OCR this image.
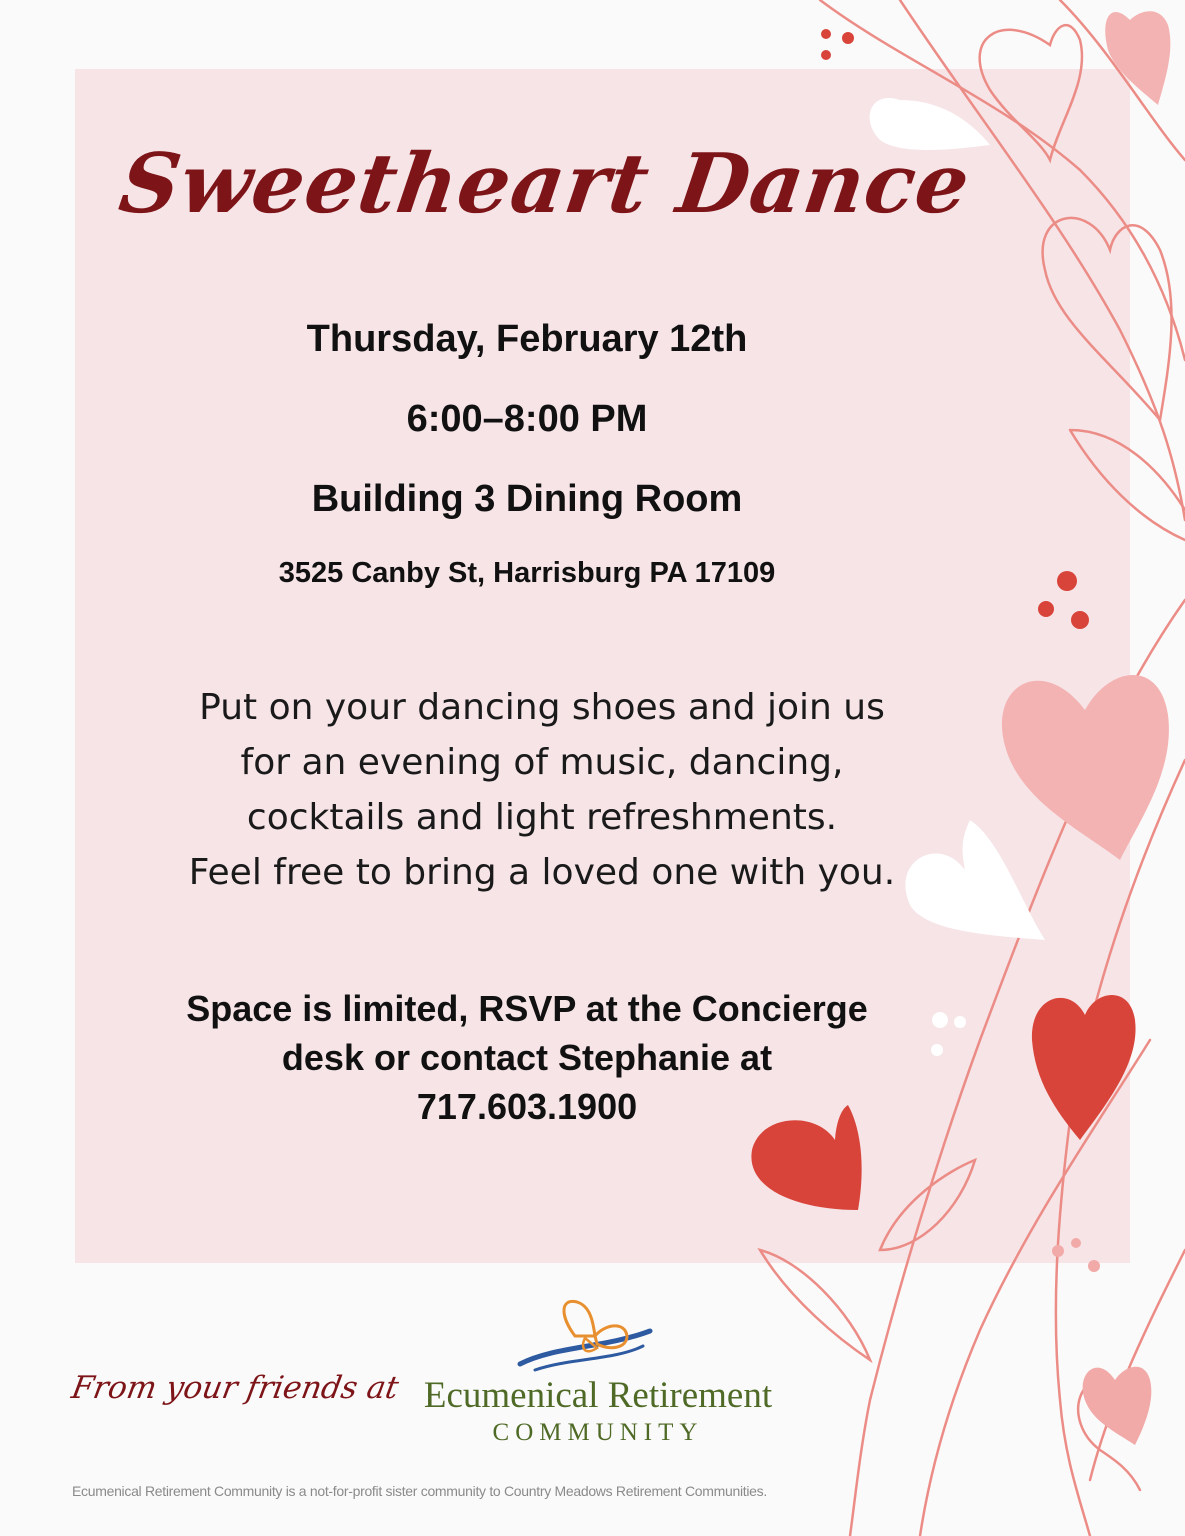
Sweetheart Dance
Thursday, February 12th
6:00–8:00 PM
Building 3 Dining Room
3525 Canby St, Harrisburg PA 17109
Put on your dancing shoes and join us
for an evening of music, dancing,
cocktails and light refreshments.
Feel free to bring a loved one with you.
Space is limited, RSVP at the Concierge
desk or contact Stephanie at
717.603.1900
From your friends at Ecumenical Retirement
COMMUNITY
Ecumenical Retirement Community is a not-for-profit sister community to Country Meadows Retirement Communities.
